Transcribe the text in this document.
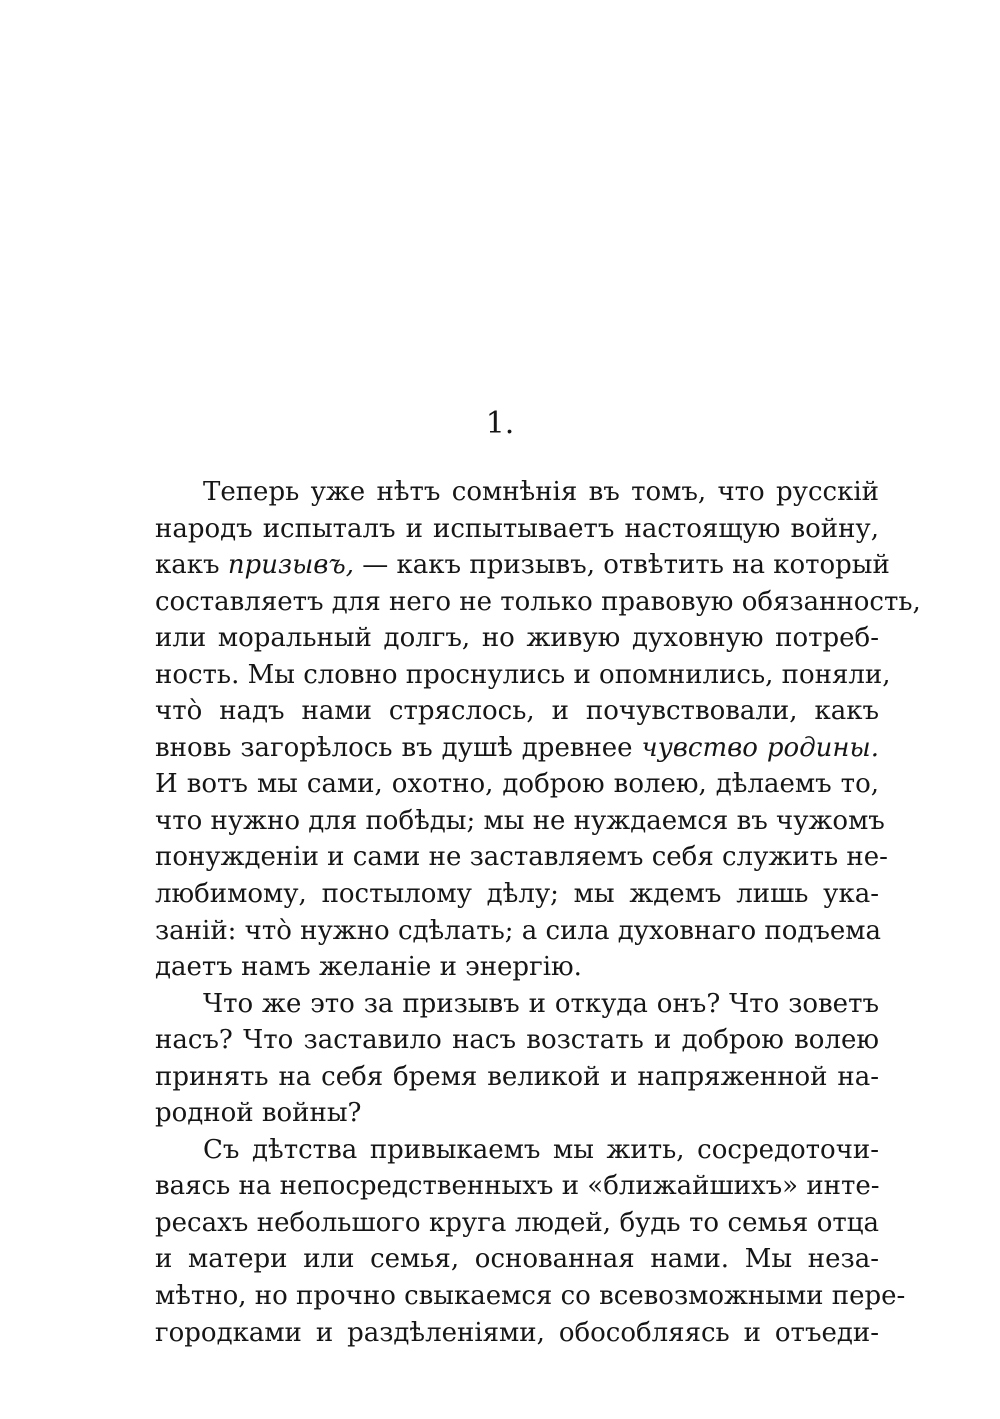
1.
Теперь уже нѣтъ сомнѣнія въ томъ, что русскій
народъ испыталъ и испытываетъ настоящую войну,
какъ призывъ, — какъ призывъ, отвѣтить на который
составляетъ для него не только правовую обязанность,
или моральный долгъ, но живую духовную потреб-
ность. Мы словно проснулись и опомнились, поняли,
что̀ надъ нами стряслось, и почувствовали, какъ
вновь загорѣлось въ душѣ древнее чувство родины.
И вотъ мы сами, охотно, доброю волею, дѣлаемъ то,
что нужно для побѣды; мы не нуждаемся въ чужомъ
понужденіи и сами не заставляемъ себя служить не-
любимому, постылому дѣлу; мы ждемъ лишь ука-
заній: что̀ нужно сдѣлать; а сила духовнаго подъема
даетъ намъ желаніе и энергію.
Что же это за призывъ и откуда онъ? Что зоветъ
насъ? Что заставило насъ возстать и доброю волею
принять на себя бремя великой и напряженной на-
родной войны?
Съ дѣтства привыкаемъ мы жить, сосредоточи-
ваясь на непосредственныхъ и «ближайшихъ» инте-
ресахъ небольшого круга людей, будь то семья отца
и матери или семья, основанная нами. Мы неза-
мѣтно, но прочно свыкаемся со всевозможными пере-
городками и раздѣленіями, обособляясь и отъеди-
